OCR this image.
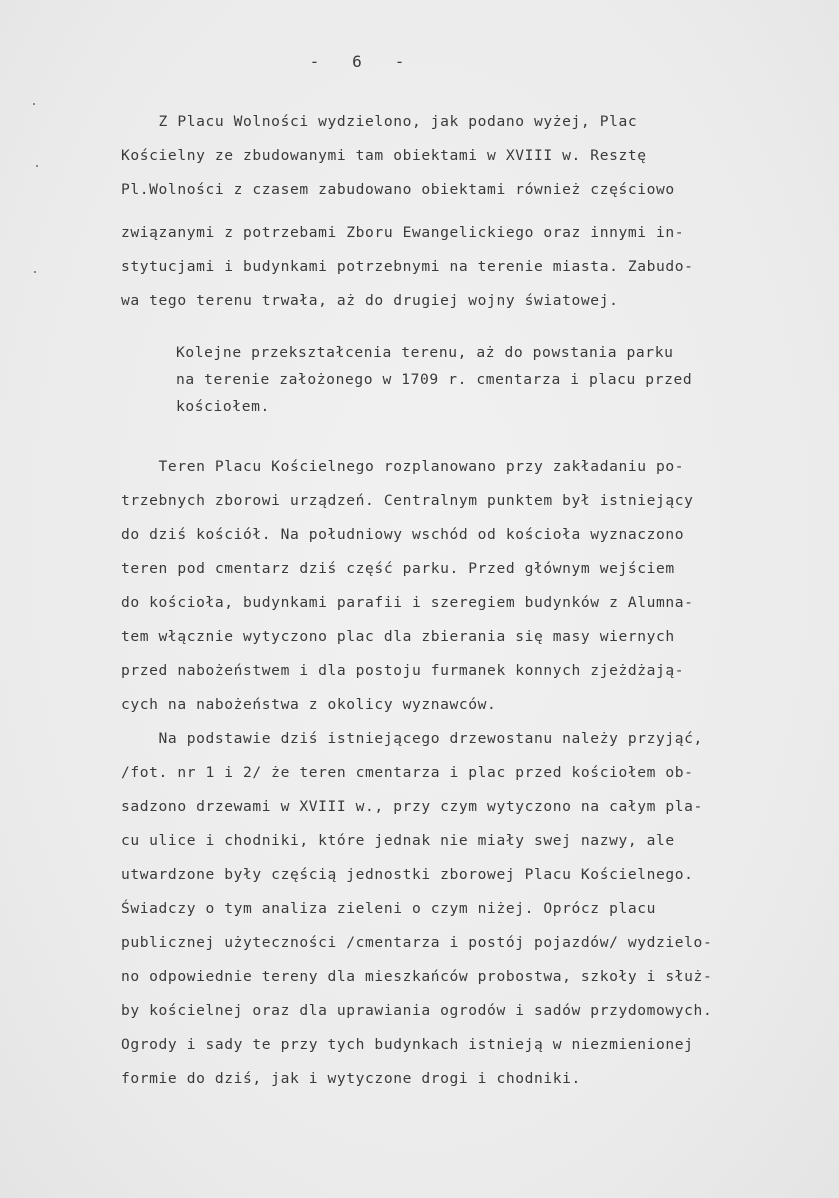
-   6   -
Z Placu Wolności wydzielono, jak podano wyżej, Plac
Kościelny ze zbudowanymi tam obiektami w XVIII w. Resztę
Pl.Wolności z czasem zabudowano obiektami również częściowo
związanymi z potrzebami Zboru Ewangelickiego oraz innymi in-
stytucjami i budynkami potrzebnymi na terenie miasta. Zabudo-
wa tego terenu trwała, aż do drugiej wojny światowej.
Kolejne przekształcenia terenu, aż do powstania parku
na terenie założonego w 1709 r. cmentarza i placu przed
kościołem.
Teren Placu Kościelnego rozplanowano przy zakładaniu po-
trzebnych zborowi urządzeń. Centralnym punktem był istniejący
do dziś kościół. Na południowy wschód od kościoła wyznaczono
teren pod cmentarz dziś część parku. Przed głównym wejściem
do kościoła, budynkami parafii i szeregiem budynków z Alumna-
tem włącznie wytyczono plac dla zbierania się masy wiernych
przed nabożeństwem i dla postoju furmanek konnych zjeżdżają-
cych na nabożeństwa z okolicy wyznawców.
Na podstawie dziś istniejącego drzewostanu należy przyjąć,
/fot. nr 1 i 2/ że teren cmentarza i plac przed kościołem ob-
sadzono drzewami w XVIII w., przy czym wytyczono na całym pla-
cu ulice i chodniki, które jednak nie miały swej nazwy, ale
utwardzone były częścią jednostki zborowej Placu Kościelnego.
Świadczy o tym analiza zieleni o czym niżej. Oprócz placu
publicznej użyteczności /cmentarza i postój pojazdów/ wydzielo-
no odpowiednie tereny dla mieszkańców probostwa, szkoły i służ-
by kościelnej oraz dla uprawiania ogrodów i sadów przydomowych.
Ogrody i sady te przy tych budynkach istnieją w niezmienionej
formie do dziś, jak i wytyczone drogi i chodniki.
